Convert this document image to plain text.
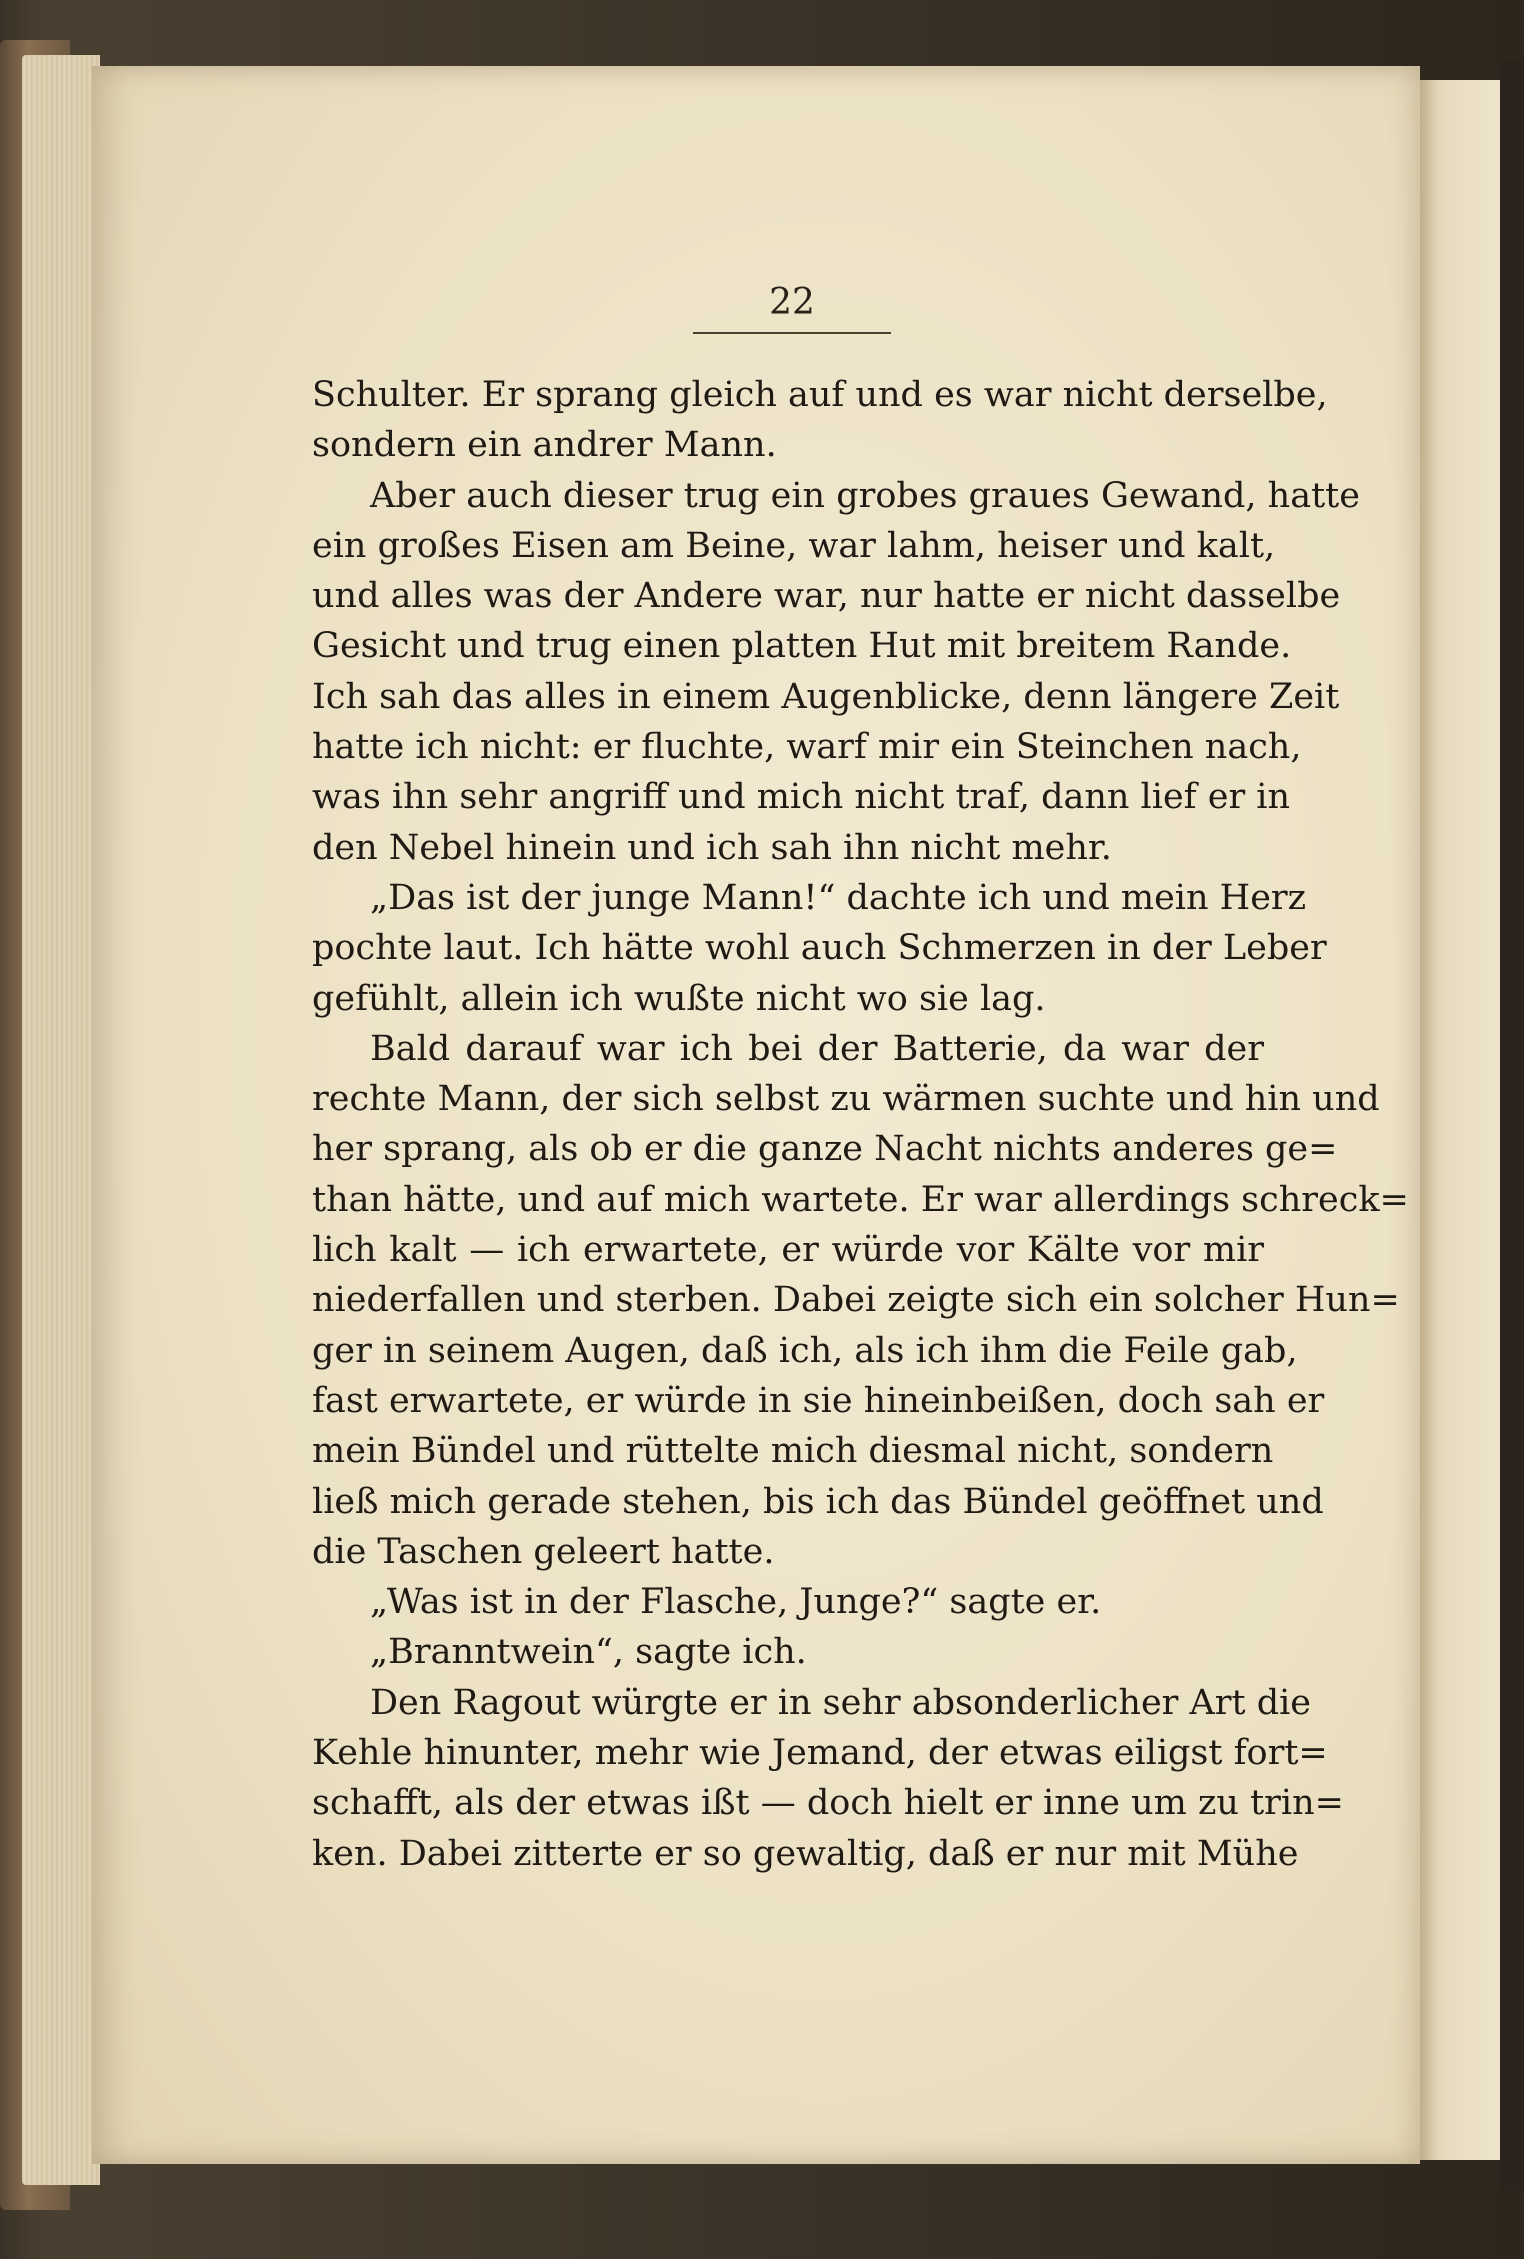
22
Schulter. Er sprang gleich auf und es war nicht derselbe,
sondern ein andrer Mann.
Aber auch dieser trug ein grobes graues Gewand, hatte
ein großes Eisen am Beine, war lahm, heiser und kalt,
und alles was der Andere war, nur hatte er nicht dasselbe
Gesicht und trug einen platten Hut mit breitem Rande.
Ich sah das alles in einem Augenblicke, denn längere Zeit
hatte ich nicht: er fluchte, warf mir ein Steinchen nach,
was ihn sehr angriff und mich nicht traf, dann lief er in
den Nebel hinein und ich sah ihn nicht mehr.
„Das ist der junge Mann!“ dachte ich und mein Herz
pochte laut. Ich hätte wohl auch Schmerzen in der Leber
gefühlt, allein ich wußte nicht wo sie lag.
Bald darauf war ich bei der Batterie, da war der
rechte Mann, der sich selbst zu wärmen suchte und hin und
her sprang, als ob er die ganze Nacht nichts anderes ge=
than hätte, und auf mich wartete. Er war allerdings schreck=
lich kalt — ich erwartete, er würde vor Kälte vor mir
niederfallen und sterben. Dabei zeigte sich ein solcher Hun=
ger in seinem Augen, daß ich, als ich ihm die Feile gab,
fast erwartete, er würde in sie hineinbeißen, doch sah er
mein Bündel und rüttelte mich diesmal nicht, sondern
ließ mich gerade stehen, bis ich das Bündel geöffnet und
die Taschen geleert hatte.
„Was ist in der Flasche, Junge?“ sagte er.
„Branntwein“, sagte ich.
Den Ragout würgte er in sehr absonderlicher Art die
Kehle hinunter, mehr wie Jemand, der etwas eiligst fort=
schafft, als der etwas ißt — doch hielt er inne um zu trin=
ken. Dabei zitterte er so gewaltig, daß er nur mit Mühe
